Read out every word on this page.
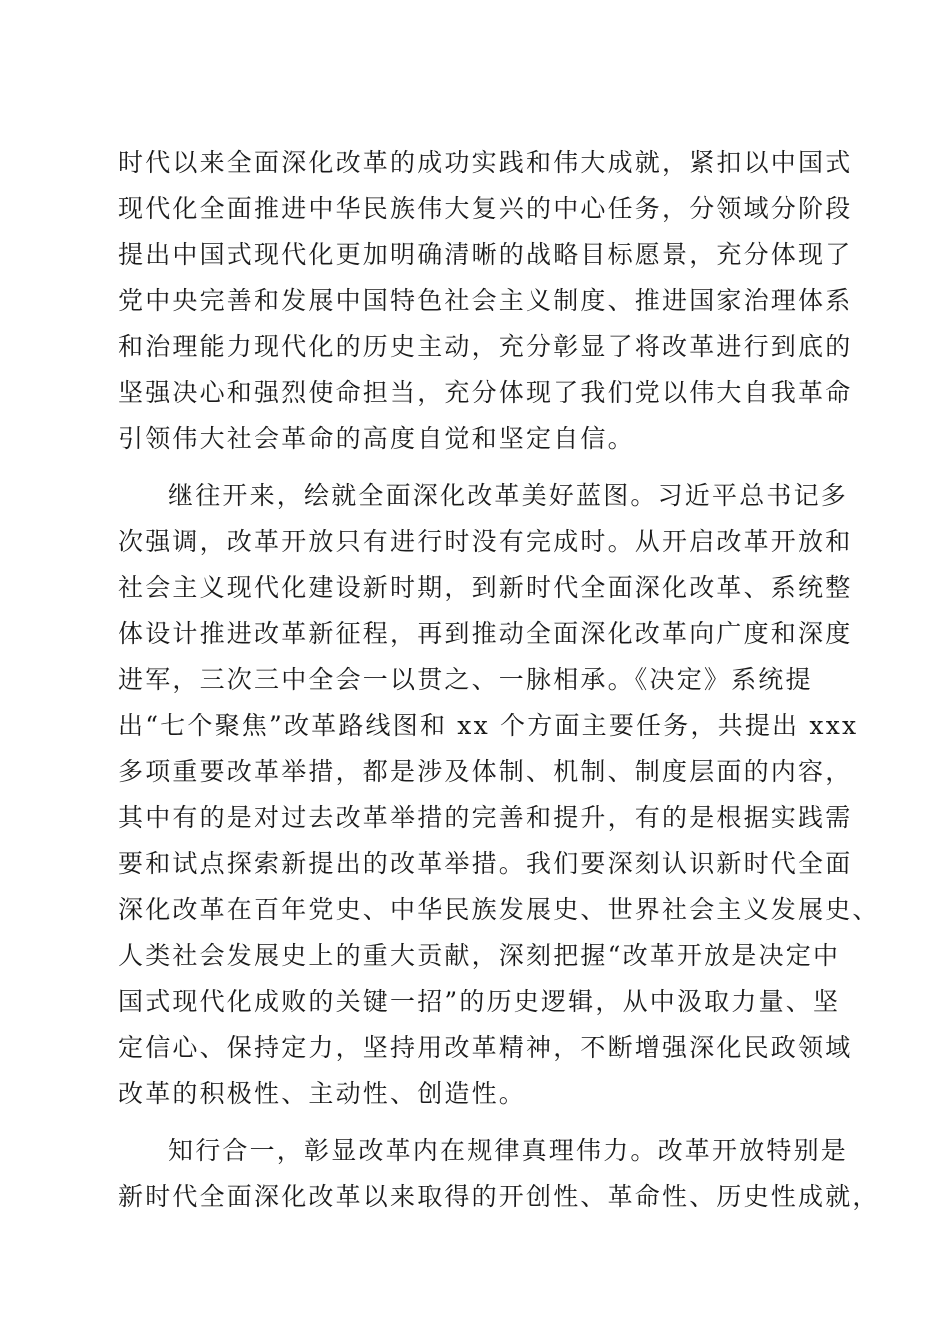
时代以来全面深化改革的成功实践和伟大成就，紧扣以中国式
现代化全面推进中华民族伟大复兴的中心任务，分领域分阶段
提出中国式现代化更加明确清晰的战略目标愿景，充分体现了
党中央完善和发展中国特色社会主义制度、推进国家治理体系
和治理能力现代化的历史主动，充分彰显了将改革进行到底的
坚强决心和强烈使命担当，充分体现了我们党以伟大自我革命
引领伟大社会革命的高度自觉和坚定自信。
继往开来，绘就全面深化改革美好蓝图。习近平总书记多
次强调，改革开放只有进行时没有完成时。从开启改革开放和
社会主义现代化建设新时期，到新时代全面深化改革、系统整
体设计推进改革新征程，再到推动全面深化改革向广度和深度
进军，三次三中全会一以贯之、一脉相承。《决定》系统提
出“七个聚焦”改革路线图和 xx 个方面主要任务，共提出 xxx
多项重要改革举措，都是涉及体制、机制、制度层面的内容，
其中有的是对过去改革举措的完善和提升，有的是根据实践需
要和试点探索新提出的改革举措。我们要深刻认识新时代全面
深化改革在百年党史、中华民族发展史、世界社会主义发展史、
人类社会发展史上的重大贡献，深刻把握“改革开放是决定中
国式现代化成败的关键一招”的历史逻辑，从中汲取力量、坚
定信心、保持定力，坚持用改革精神，不断增强深化民政领域
改革的积极性、主动性、创造性。
知行合一，彰显改革内在规律真理伟力。改革开放特别是
新时代全面深化改革以来取得的开创性、革命性、历史性成就，
